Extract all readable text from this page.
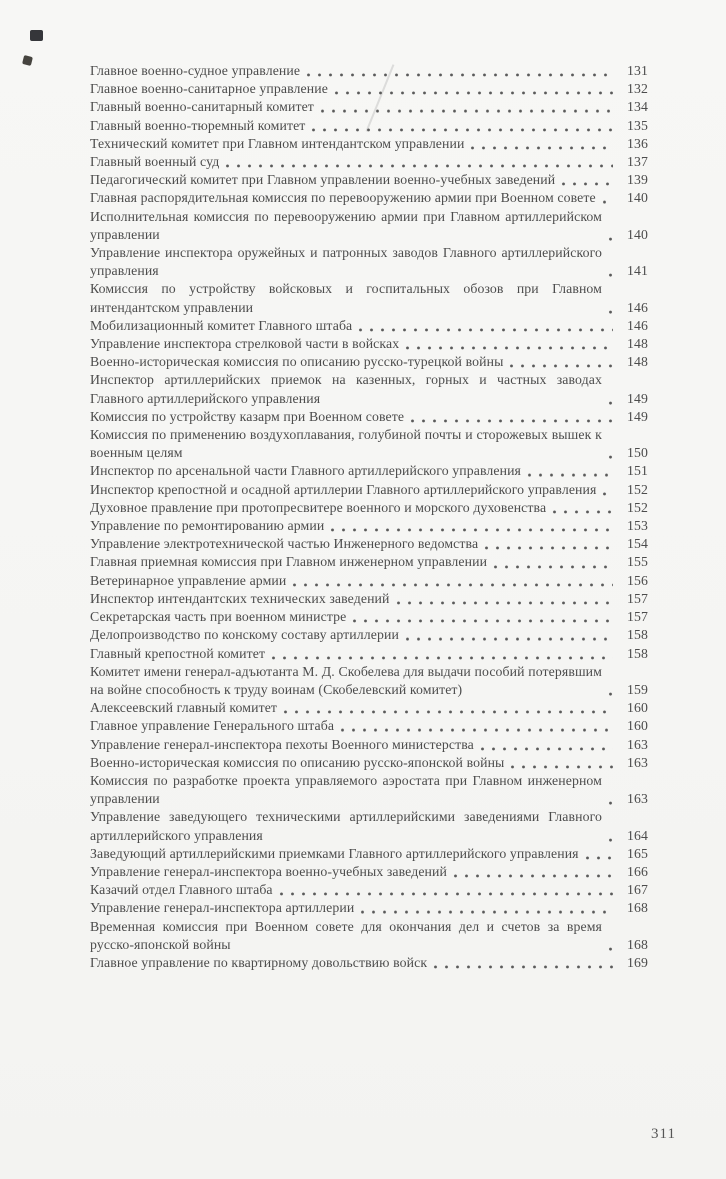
Главное военно-судное управление	131
Главное военно-санитарное управление	132
Главный военно-санитарный комитет	134
Главный военно-тюремный комитет	135
Технический комитет при Главном интендантском управлении	136
Главный военный суд	137
Педагогический комитет при Главном управлении военно-учебных заведений	139
Главная распорядительная комиссия по перевооружению армии при Военном совете	140
Исполнительная комиссия по перевооружению армии при Главном артиллерийском управлении	140
Управление инспектора оружейных и патронных заводов Главного артиллерийского управления	141
Комиссия по устройству войсковых и госпитальных обозов при Главном интендантском управлении	146
Мобилизационный комитет Главного штаба	146
Управление инспектора стрелковой части в войсках	148
Военно-историческая комиссия по описанию русско-турецкой войны	148
Инспектор артиллерийских приемок на казенных, горных и частных заводах Главного артиллерийского управления	149
Комиссия по устройству казарм при Военном совете	149
Комиссия по применению воздухоплавания, голубиной почты и сторожевых вышек к военным целям	150
Инспектор по арсенальной части Главного артиллерийского управления	151
Инспектор крепостной и осадной артиллерии Главного артиллерийского управления	152
Духовное правление при протопресвитере военного и морского духовенства	152
Управление по ремонтированию армии	153
Управление электротехнической частью Инженерного ведомства	154
Главная приемная комиссия при Главном инженерном управлении	155
Ветеринарное управление армии	156
Инспектор интендантских технических заведений	157
Секретарская часть при военном министре	157
Делопроизводство по конскому составу артиллерии	158
Главный крепостной комитет	158
Комитет имени генерал-адъютанта М. Д. Скобелева для выдачи пособий потерявшим на войне способность к труду воинам (Скобелевский комитет)	159
Алексеевский главный комитет	160
Главное управление Генерального штаба	160
Управление генерал-инспектора пехоты Военного министерства	163
Военно-историческая комиссия по описанию русско-японской войны	163
Комиссия по разработке проекта управляемого аэростата при Главном инженерном управлении	163
Управление заведующего техническими артиллерийскими заведениями Главного артиллерийского управления	164
Заведующий артиллерийскими приемками Главного артиллерийского управления	165
Управление генерал-инспектора военно-учебных заведений	166
Казачий отдел Главного штаба	167
Управление генерал-инспектора артиллерии	168
Временная комиссия при Военном совете для окончания дел и счетов за время русско-японской войны	168
Главное управление по квартирному довольствию войск	169
311
